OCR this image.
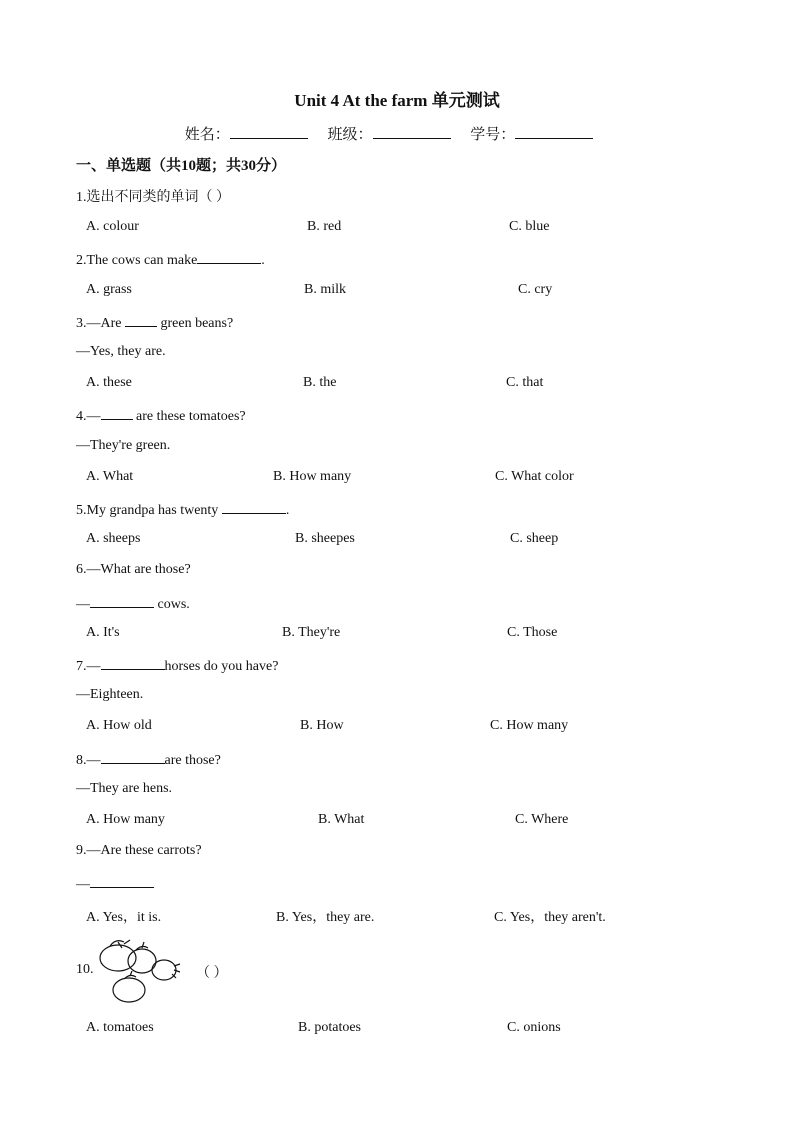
Unit 4 At the farm 单元测试
姓名：	班级：	学号：
一、单选题（共10题；共30分）
1.选出不同类的单词（ ）
A. colour	B. red	C. blue
2.The cows can make	.
A. grass	B. milk	C. cry
3.—Are  green beans?
—Yes, they are.
A. these	B. the	C. that
4.— are these tomatoes?
—They're green.
A. What	B. How many	C. What color
5.My grandpa has twenty	.
A. sheeps	B. sheepes	C. sheep
6.—What are those?
—	cows.
A. It's	B. They're	C. Those
7.—	horses do you have?
—Eighteen.
A. How old	B. How	C. How many
8.—	are those?
—They are hens.
A. How many	B. What	C. Where
9.—Are these carrots?
—
A. Yes，it is.	B. Yes，they are.	C. Yes，they aren't.
10.	（ ）
A. tomatoes	B. potatoes	C. onions
